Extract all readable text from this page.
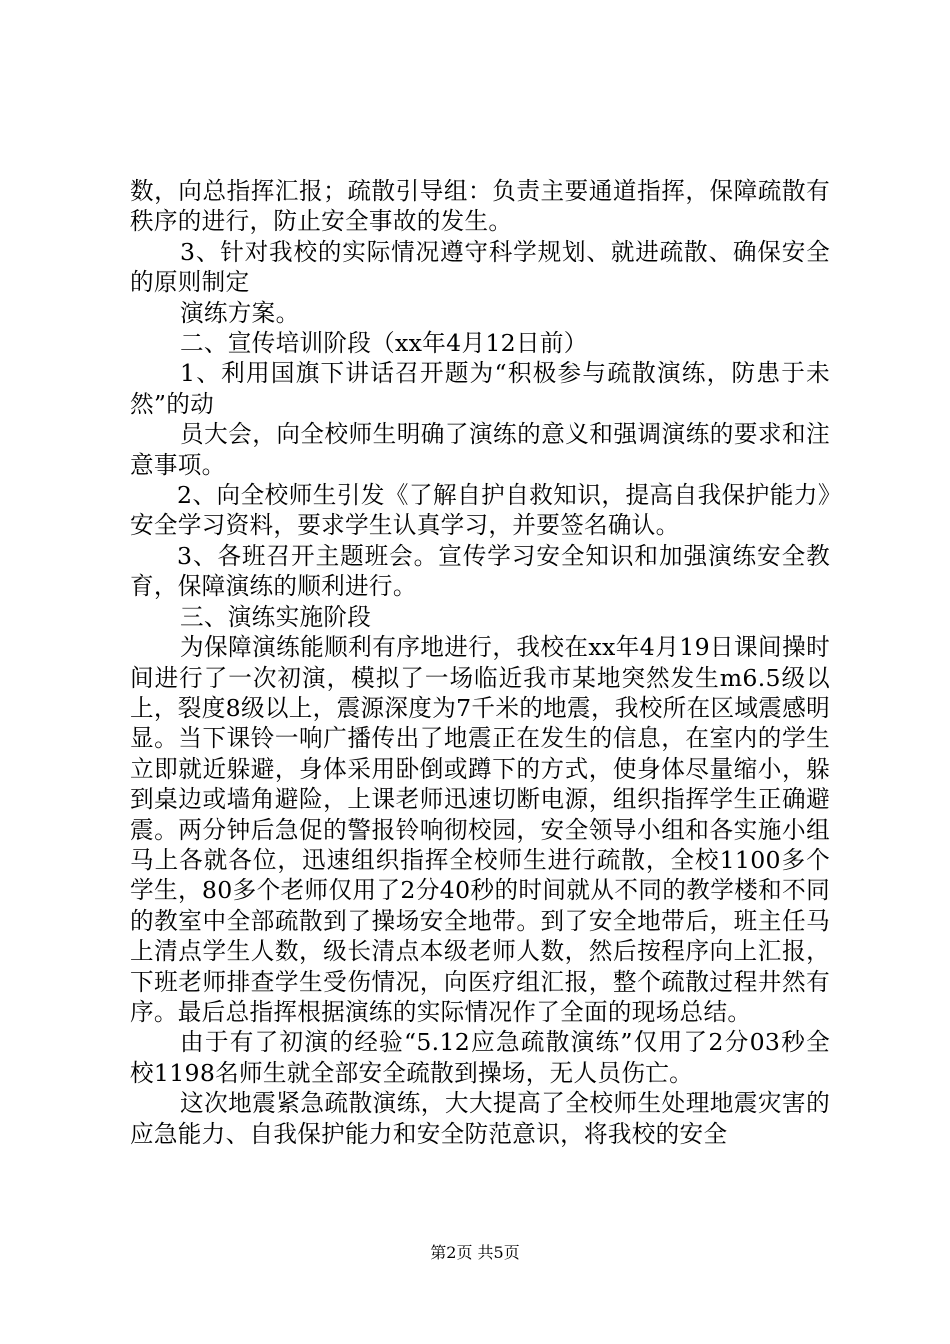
数，向总指挥汇报；疏散引导组：负责主要通道指挥，保障疏散有秩序的进行，防止安全事故的发生。

3、针对我校的实际情况遵守科学规划、就进疏散、确保安全的原则制定

演练方案。

二、宣传培训阶段（xx年4月12日前）

1、利用国旗下讲话召开题为“积极参与疏散演练，防患于未然”的动

员大会，向全校师生明确了演练的意义和强调演练的要求和注意事项。

2、向全校师生引发《了解自护自救知识，提高自我保护能力》安全学习资料，要求学生认真学习，并要签名确认。

3、各班召开主题班会。宣传学习安全知识和加强演练安全教育，保障演练的顺利进行。

三、演练实施阶段

为保障演练能顺利有序地进行，我校在xx年4月19日课间操时间进行了一次初演，模拟了一场临近我市某地突然发生m6.5级以上，裂度8级以上，震源深度为7千米的地震，我校所在区域震感明显。当下课铃一响广播传出了地震正在发生的信息，在室内的学生立即就近躲避，身体采用卧倒或蹲下的方式，使身体尽量缩小，躲到桌边或墙角避险，上课老师迅速切断电源，组织指挥学生正确避震。两分钟后急促的警报铃响彻校园，安全领导小组和各实施小组马上各就各位，迅速组织指挥全校师生进行疏散，全校1100多个学生，80多个老师仅用了2分40秒的时间就从不同的教学楼和不同的教室中全部疏散到了操场安全地带。到了安全地带后，班主任马上清点学生人数，级长清点本级老师人数，然后按程序向上汇报，下班老师排查学生受伤情况，向医疗组汇报，整个疏散过程井然有序。最后总指挥根据演练的实际情况作了全面的现场总结。

由于有了初演的经验“5.12应急疏散演练”仅用了2分03秒全校1198名师生就全部安全疏散到操场，无人员伤亡。

这次地震紧急疏散演练，大大提高了全校师生处理地震灾害的应急能力、自我保护能力和安全防范意识，将我校的安全

第2页 共5页
